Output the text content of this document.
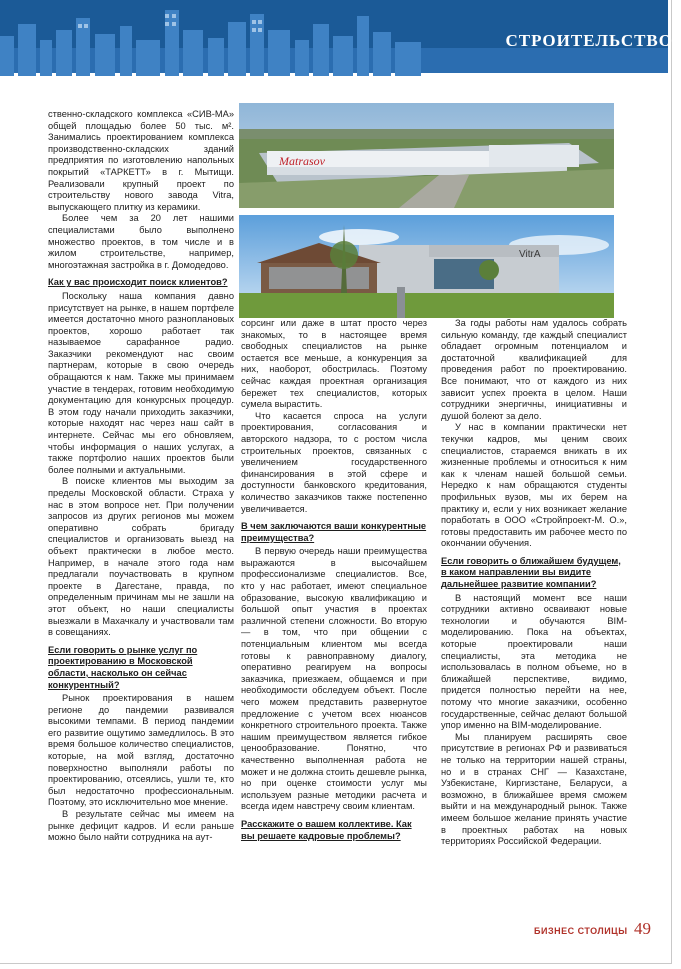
СТРОИТЕЛЬСТВО
Matrasov
VitrA

ственно-складского комплекса «СИВ-МА» общей площадью более 50 тыс. м². Занимались проектированием комплекса производственно-складских зданий предприятия по изготовлению напольных покрытий «ТАРКЕТТ» в г. Мытищи. Реализовали крупный проект по строительству нового завода Vitra, выпускающего плитку из керамики.

Более чем за 20 лет нашими специалистами было выполнено множество проектов, в том числе и в жилом строительстве, например, многоэтажная застройка в г. Домодедово.

Как у вас происходит поиск клиентов?

Поскольку наша компания давно присутствует на рынке, в нашем портфеле имеется достаточно много разноплановых проектов, хорошо работает так называемое сарафанное радио. Заказчики рекомендуют нас своим партнерам, которые в свою очередь обращаются к нам. Также мы принимаем участие в тендерах, готовим необходимую документацию для конкурсных процедур. В этом году начали приходить заказчики, которые находят нас через наш сайт в интернете. Сейчас мы его обновляем, чтобы информация о наших услугах, а также портфолио наших проектов были более полными и актуальными.

В поиске клиентов мы выходим за пределы Московской области. Страха у нас в этом вопросе нет. При получении запросов из других регионов мы можем оперативно собрать бригаду специалистов и организовать выезд на объект практически в любое место. Например, в начале этого года нам предлагали поучаствовать в крупном проекте в Дагестане, правда, по определенным причинам мы не зашли на этот объект, но наши специалисты выезжали в Махачкалу и участвовали там в совещаниях.

Если говорить о рынке услуг по проектированию в Московской области, насколько он сейчас конкурентный?

Рынок проектирования в нашем регионе до пандемии развивался высокими темпами. В период пандемии его развитие ощутимо замедлилось. В это время большое количество специалистов, которые, на мой взгляд, достаточно поверхностно выполняли работы по проектированию, отсеялись, ушли те, кто был недостаточно профессиональным. Поэтому, это исключительно мое мнение.

В результате сейчас мы имеем на рынке дефицит кадров. И если раньше можно было найти сотрудника на аут-

сорсинг или даже в штат просто через знакомых, то в настоящее время свободных специалистов на рынке остается все меньше, а конкуренция за них, наоборот, обострилась. Поэтому сейчас каждая проектная организация бережет тех специалистов, которых сумела вырастить.

Что касается спроса на услуги проектирования, согласования и авторского надзора, то с ростом числа строительных проектов, связанных с увеличением государственного финансирования в этой сфере и доступности банковского кредитования, количество заказчиков также постепенно увеличивается.

В чем заключаются ваши конкурентные преимущества?

В первую очередь наши преимущества выражаются в высочайшем профессионализме специалистов. Все, кто у нас работает, имеют специальное образование, высокую квалификацию и большой опыт участия в проектах различной степени сложности. Во вторую — в том, что при общении с потенциальным клиентом мы всегда готовы к равноправному диалогу, оперативно реагируем на вопросы заказчика, приезжаем, общаемся и при необходимости обследуем объект. После чего можем представить развернутое предложение с учетом всех нюансов конкретного строительного проекта. Также нашим преимуществом является гибкое ценообразование. Понятно, что качественно выполненная работа не может и не должна стоить дешевле рынка, но при оценке стоимости услуг мы используем разные методики расчета и всегда идем навстречу своим клиентам.

Расскажите о вашем коллективе. Как вы решаете кадровые проблемы?

За годы работы нам удалось собрать сильную команду, где каждый специалист обладает огромным потенциалом и достаточной квалификацией для проведения работ по проектированию. Все понимают, что от каждого из них зависит успех проекта в целом. Наши сотрудники энергичны, инициативны и душой болеют за дело.

У нас в компании практически нет текучки кадров, мы ценим своих специалистов, стараемся вникать в их жизненные проблемы и относиться к ним как к членам нашей большой семьи. Нередко к нам обращаются студенты профильных вузов, мы их берем на практику и, если у них возникает желание поработать в ООО «Стройпроект-М. О.», готовы предоставить им рабочее место по окончании обучения.

Если говорить о ближайшем будущем, в каком направлении вы видите дальнейшее развитие компании?

В настоящий момент все наши сотрудники активно осваивают новые технологии и обучаются BIM-моделированию. Пока на объектах, которые проектировали наши специалисты, эта методика не использовалась в полном объеме, но в ближайшей перспективе, видимо, придется полностью перейти на нее, потому что многие заказчики, особенно государственные, сейчас делают большой упор именно на BIM-моделирование.

Мы планируем расширять свое присутствие в регионах РФ и развиваться не только на территории нашей страны, но и в странах СНГ — Казахстане, Узбекистане, Киргизстане, Беларуси, а возможно, в ближайшее время сможем выйти и на международный рынок. Также имеем большое желание принять участие в проектных работах на новых территориях Российской Федерации.

БИЗНЕС СТОЛИЦЫ 49
